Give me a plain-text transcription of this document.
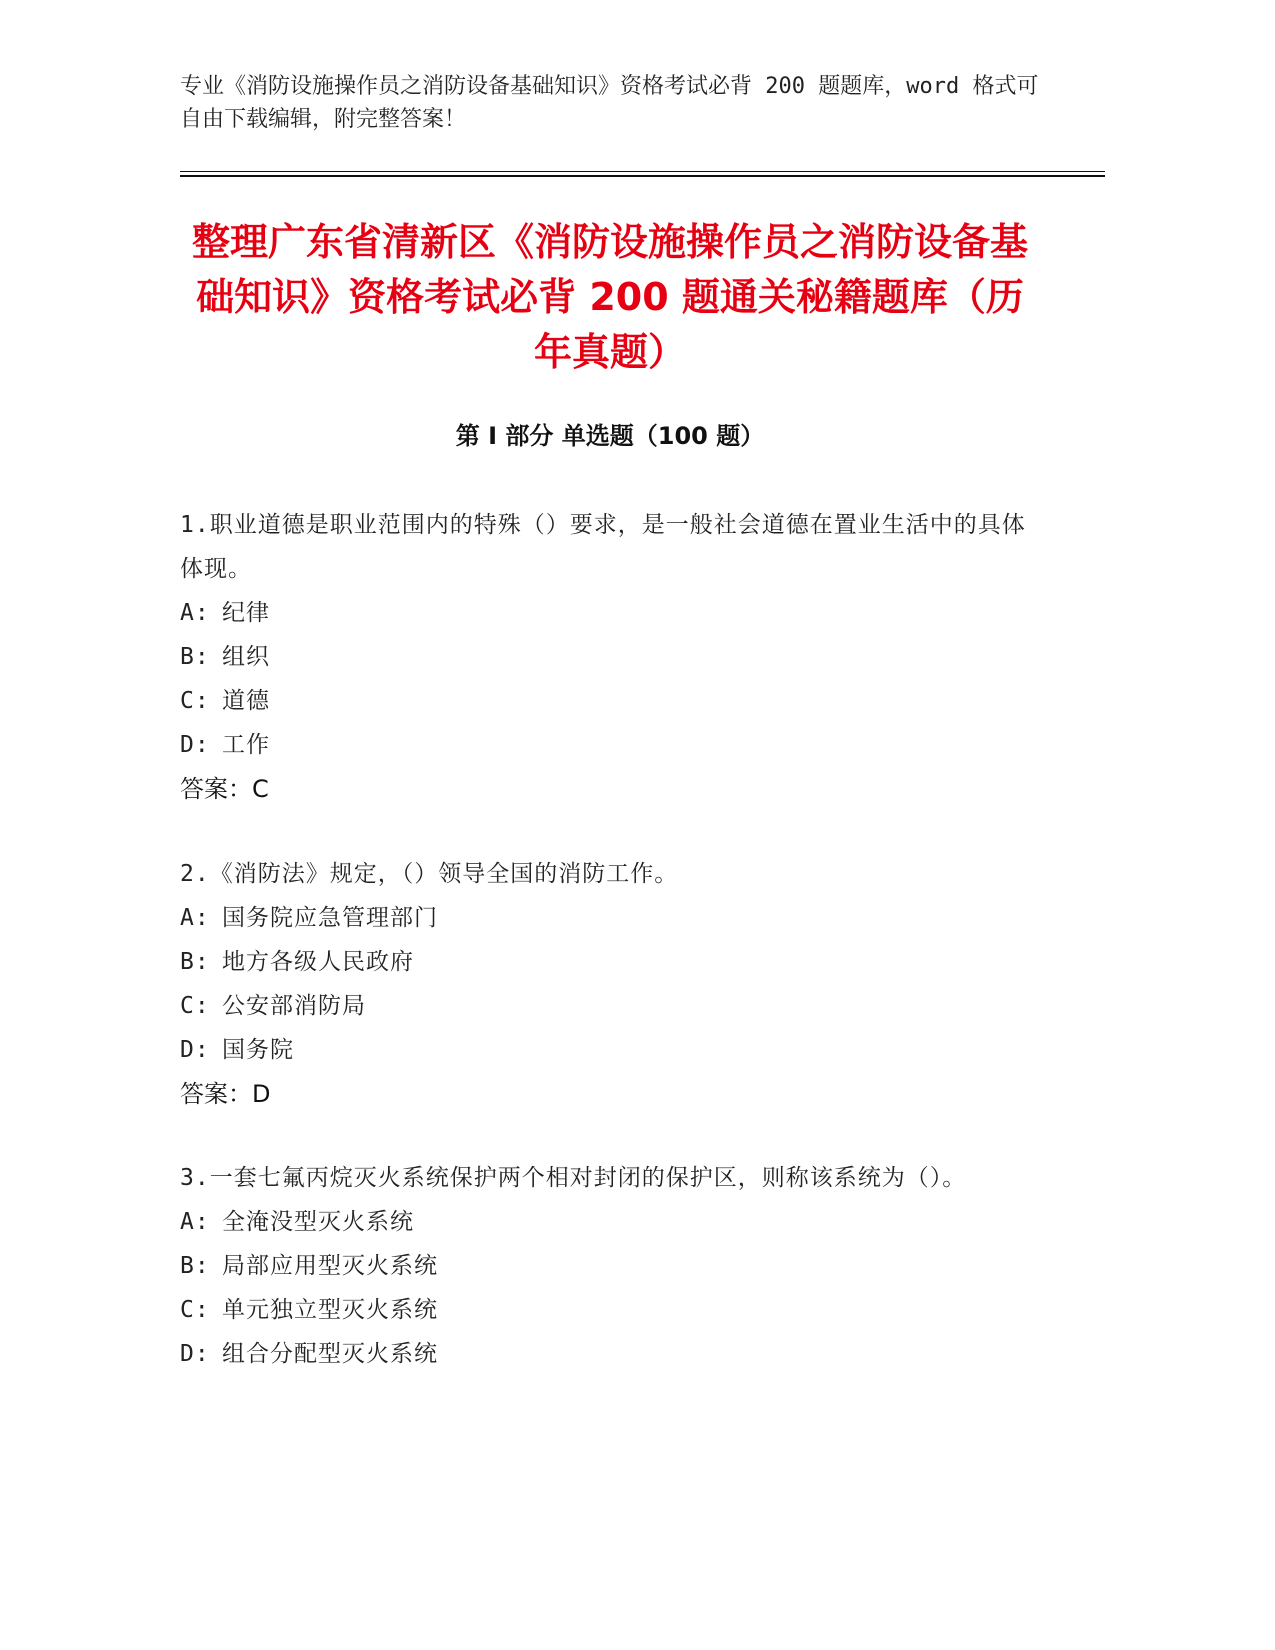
专业《消防设施操作员之消防设备基础知识》资格考试必背 200 题题库，word 格式可自由下载编辑，附完整答案！
整理广东省清新区《消防设施操作员之消防设备基础知识》资格考试必背 200 题通关秘籍题库（历年真题）
第 I 部分 单选题（100 题）
1.职业道德是职业范围内的特殊（）要求，是一般社会道德在置业生活中的具体体现。
A: 纪律
B: 组织
C: 道德
D: 工作
答案：C
2.《消防法》规定，（）领导全国的消防工作。
A: 国务院应急管理部门
B: 地方各级人民政府
C: 公安部消防局
D: 国务院
答案：D
3.一套七氟丙烷灭火系统保护两个相对封闭的保护区，则称该系统为（）。
A: 全淹没型灭火系统
B: 局部应用型灭火系统
C: 单元独立型灭火系统
D: 组合分配型灭火系统
